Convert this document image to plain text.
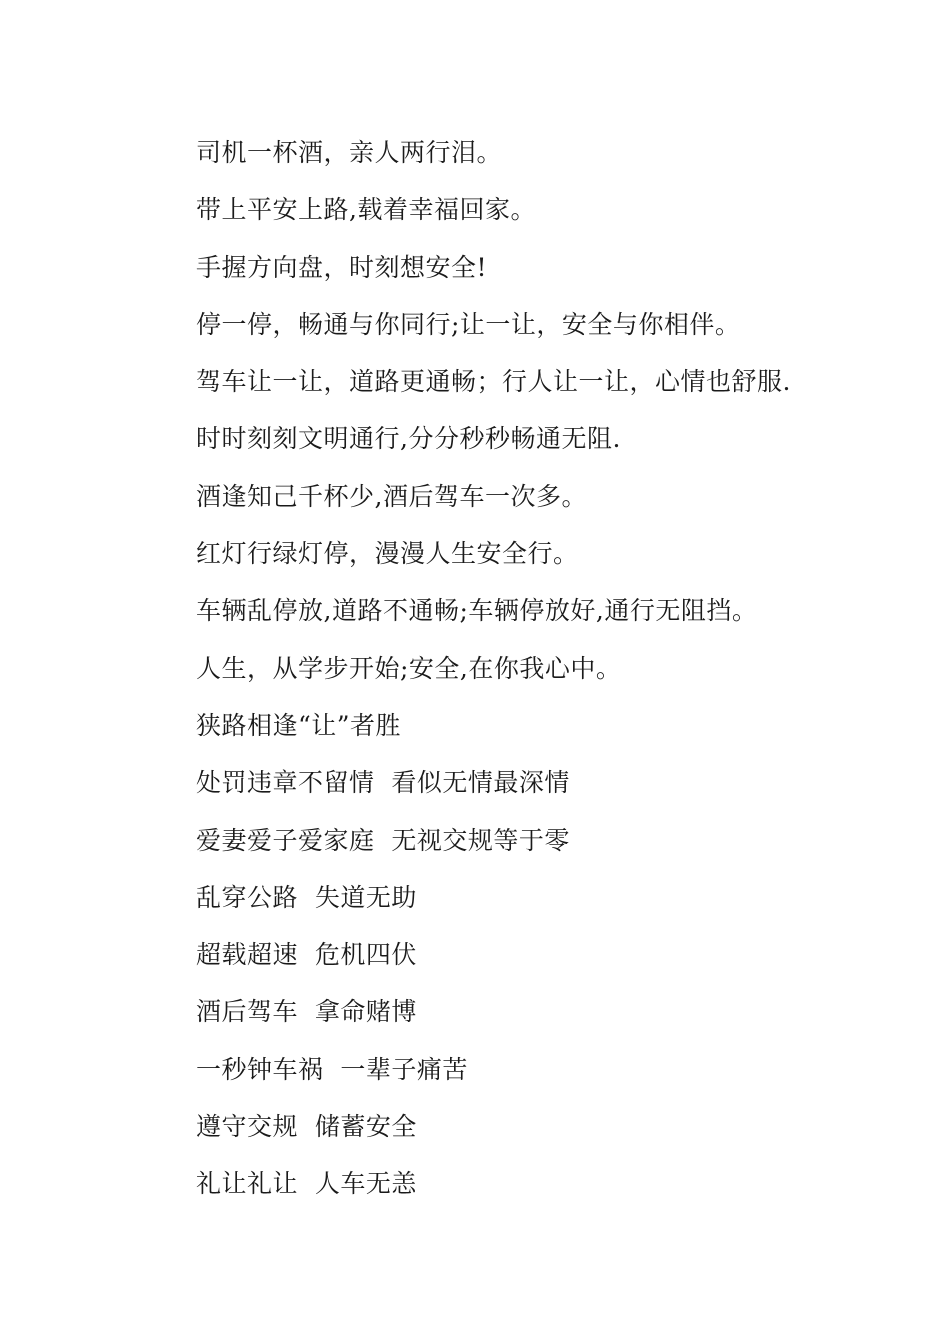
司机一杯酒，亲人两行泪。
带上平安上路,载着幸福回家。
手握方向盘，时刻想安全!
停一停，畅通与你同行;让一让，安全与你相伴。
驾车让一让，道路更通畅；行人让一让，心情也舒服.
时时刻刻文明通行,分分秒秒畅通无阻.
酒逢知己千杯少,酒后驾车一次多。
红灯行绿灯停，漫漫人生安全行。
车辆乱停放,道路不通畅;车辆停放好,通行无阻挡。
人生，从学步开始;安全,在你我心中。
狭路相逢“让”者胜
处罚违章不留情  看似无情最深情
爱妻爱子爱家庭  无视交规等于零
乱穿公路  失道无助
超载超速  危机四伏
酒后驾车  拿命赌博
一秒钟车祸  一辈子痛苦
遵守交规  储蓄安全
礼让礼让  人车无恙
